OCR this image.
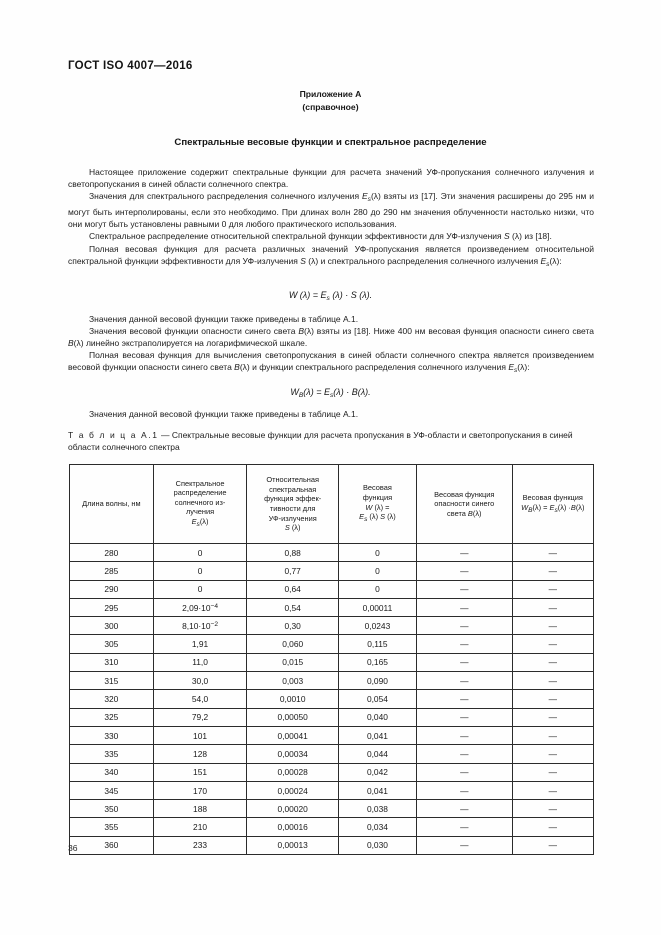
ГОСТ ISO 4007—2016
Приложение А
(справочное)
Спектральные весовые функции и спектральное распределение

Настоящее приложение содержит спектральные функции для расчета значений УФ-пропускания солнечного излучения и светопропускания в синей области солнечного спектра.

Значения для спектрального распределения солнечного излучения $E_s(\lambda)$ взяты из [17]. Эти значения расширены до 295 нм и могут быть интерполированы, если это необходимо. При длинах волн 280 до 290 нм значения облученности настолько низки, что они могут быть установлены равными 0 для любого практического использования.

Спектральное распределение относительной спектральной функции эффективности для УФ-излучения S (λ) из [18].

Полная весовая функция для расчета различных значений УФ-пропускания является произведением относительной спектральной функции эффективности для УФ-излучения S (λ) и спектрального распределения солнечного излучения $E_s(\lambda)$:

W $(\lambda) = E_s$ (λ) · S (λ).

Значения данной весовой функции также приведены в таблице А.1.

Значения весовой функции опасности синего света B(λ) взяты из [18]. Ниже 400 нм весовая функция опасности синего света B(λ) линейно экстраполируется на логарифмической шкале.

Полная весовая функция для вычисления светопропускания в синей области солнечного спектра является произведением весовой функции опасности синего света B(λ) и функции спектрального распределения солнечного излучения $E_s(\lambda)$:

$W_B(\lambda) = E_s(\lambda) \cdot B(\lambda)$.

Значения данной весовой функции также приведены в таблице А.1.

Т а б л и ц а А.1 — Спектральные весовые функции для расчета пропускания в УФ-области и светопропускания в синей области солнечного спектра
Длина волны, нм	Спектральное
распределение
солнечного из-
лучения
Es(λ)	Относительная
спектральная
функция эффек-
тивности для
УФ-излучения
S (λ)	Весовая
функция
W (λ) =
Es (λ) S (λ)	Весовая функция
опасности синего
света B(λ)	Весовая функция
WB(λ) = Es(λ) ·B(λ)
280	0	0,88	0	—	—
285	0	0,77	0	—	—
290	0	0,64	0	—	—
295	$2,09\cdot 10^{-4}$	0,54	0,00011	—	—
300	$8,10\cdot 10^{-2}$	0,30	0,0243	—	—
305	1,91	0,060	0,115	—	—
310	11,0	0,015	0,165	—	—
315	30,0	0,003	0,090	—	—
320	54,0	0,0010	0,054	—	—
325	79,2	0,00050	0,040	—	—
330	101	0,00041	0,041	—	—
335	128	0,00034	0,044	—	—
340	151	0,00028	0,042	—	—
345	170	0,00024	0,041	—	—
350	188	0,00020	0,038	—	—
355	210	0,00016	0,034	—	—
360	233	0,00013	0,030	—	—
36
